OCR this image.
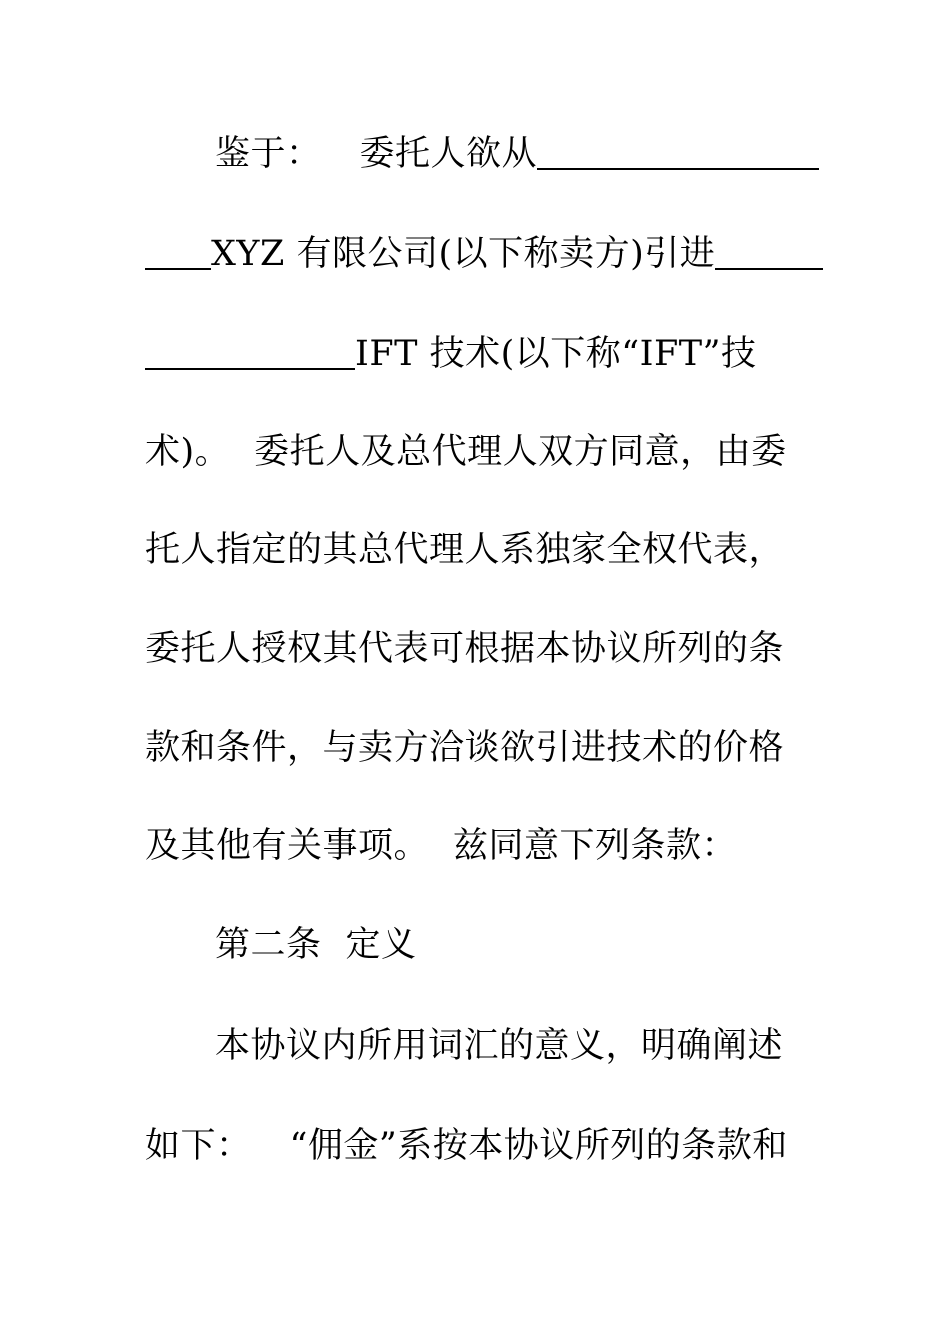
鉴于： 委托人欲从
XYZ 有限公司(以下称卖方)引进
IFT 技术(以下称“IFT”技
术)。 委托人及总代理人双方同意，由委
托人指定的其总代理人系独家全权代表，
委托人授权其代表可根据本协议所列的条
款和条件，与卖方洽谈欲引进技术的价格
及其他有关事项。 兹同意下列条款：
第二条 定义
本协议内所用词汇的意义，明确阐述
如下： “佣金”系按本协议所列的条款和
